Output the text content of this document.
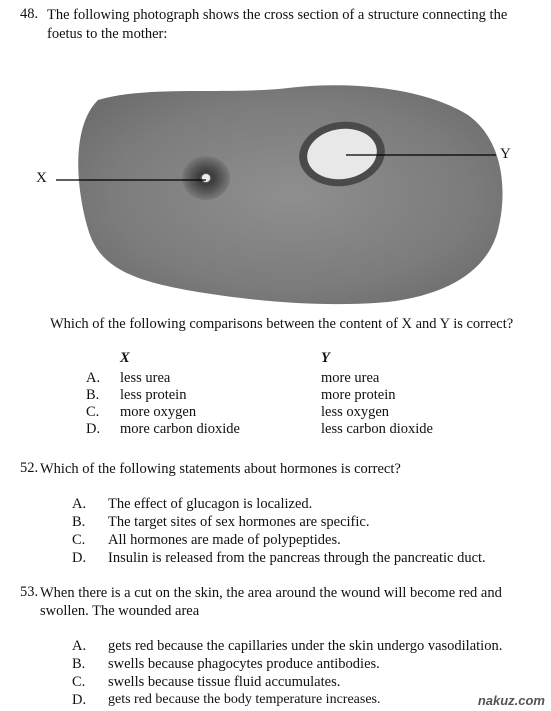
48. The following photograph shows the cross section of a structure connecting the
foetus to the mother:
X
Y
Which of the following comparisons between the content of X and Y is correct?
X	Y
A. less urea	more urea
B. less protein	more protein
C. more oxygen	less oxygen
D. more carbon dioxide	less carbon dioxide
52. Which of the following statements about hormones is correct?
A. The effect of glucagon is localized.
B. The target sites of sex hormones are specific.
C. All hormones are made of polypeptides.
D. Insulin is released from the pancreas through the pancreatic duct.
53. When there is a cut on the skin, the area around the wound will become red and
swollen. The wounded area
A. gets red because the capillaries under the skin undergo vasodilation.
B. swells because phagocytes produce antibodies.
C. swells because tissue fluid accumulates.
D. gets red because the body temperature increases.	nakuz.com
